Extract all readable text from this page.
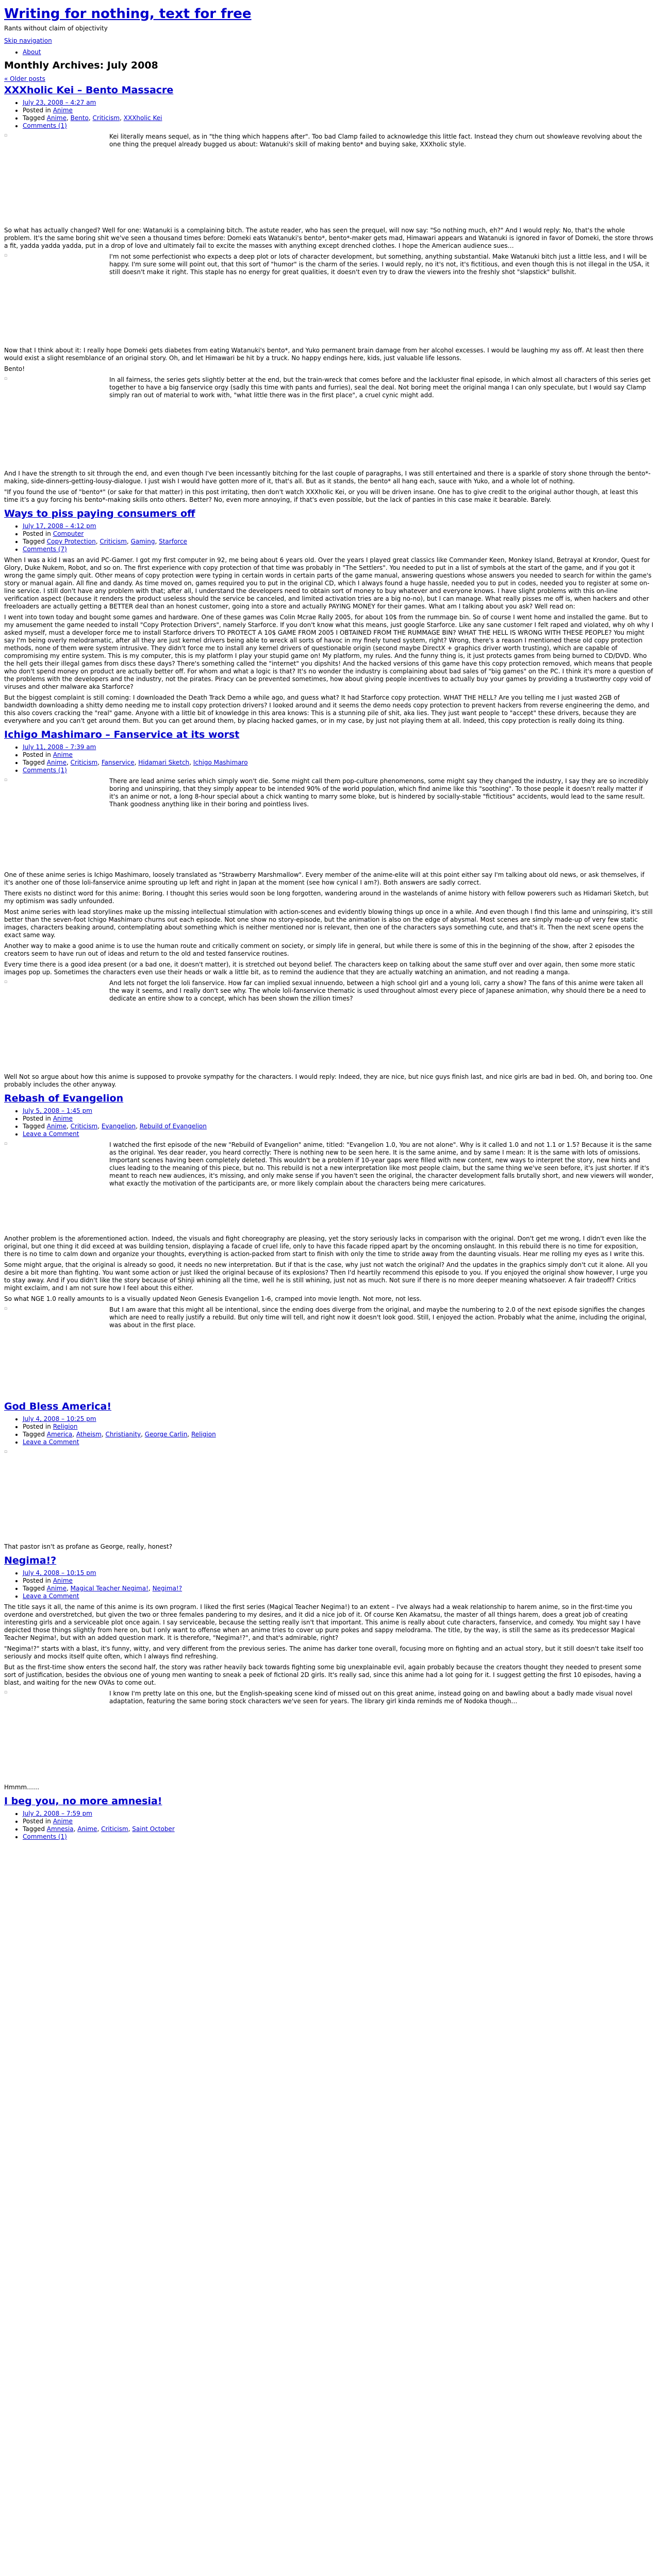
Writing for nothing, text for free
Rants without claim of objectivity
Skip navigation
• About
Monthly Archives: July 2008
« Older posts
XXXholic Kei – Bento Massacre
• July 23, 2008 – 4:27 am
• Posted in Anime
• Tagged Anime, Bento, Criticism, XXXholic Kei
• Comments (1)
▫	Kei literally means sequel, as in "the thing which happens after". Too bad Clamp failed to acknowledge this little fact. Instead they churn out showleave revolving about the one thing the prequel already bugged us about: Watanuki's skill of making bento* and buying sake, XXXholic style.

So what has actually changed? Well for one: Watanuki is a complaining bitch. The astute reader, who has seen the prequel, will now say: "So nothing much, eh?" And I would reply: No, that's the whole problem. It's the same boring shit we've seen a thousand times before: Domeki eats Watanuki's bento*, bento*-maker gets mad, Himawari appears and Watanuki is ignored in favor of Domeki, the store throws a fit, yadda yadda yadda, put in a drop of love and ultimately fail to excite the masses with anything except drenched clothes. I hope the American audience sues…

▫	I'm not some perfectionist who expects a deep plot or lots of character development, but something, anything substantial. Make Watanuki bitch just a little less, and I will be happy. I'm sure some will point out, that this sort of "humor" is the charm of the series. I would reply, no it's not, it's fictitious, and even though this is not illegal in the USA, it still doesn't make it right. This staple has no energy for great qualities, it doesn't even try to draw the viewers into the freshly shot "slapstick" bullshit.

Now that I think about it: I really hope Domeki gets diabetes from eating Watanuki's bento*, and Yuko permanent brain damage from her alcohol excesses. I would be laughing my ass off. At least then there would exist a slight resemblance of an original story. Oh, and let Himawari be hit by a truck. No happy endings here, kids, just valuable life lessons.

Bento!

▫	In all fairness, the series gets slightly better at the end, but the train-wreck that comes before and the lackluster final episode, in which almost all characters of this series get together to have a big fanservice orgy (sadly this time with pants and furries), seal the deal. Not boring meet the original manga I can only speculate, but I would say Clamp simply ran out of material to work with, "what little there was in the first place", a cruel cynic might add.

And I have the strength to sit through the end, and even though I've been incessantly bitching for the last couple of paragraphs, I was still entertained and there is a sparkle of story shone through the bento*-making, side-dinners-getting-lousy-dialogue. I just wish I would have gotten more of it, that's all. But as it stands, the bento* all hang each, sauce with Yuko, and a whole lot of nothing.

"If you found the use of "bento*" (or sake for that matter) in this post irritating, then don't watch XXXholic Kei, or you will be driven insane. One has to give credit to the original author though, at least this time it's a guy forcing his bento*-making skills onto others. Better? No, even more annoying, if that's even possible, but the lack of panties in this case make it bearable. Barely.

Ways to piss paying consumers off
• July 17, 2008 – 4:12 pm
• Posted in Computer
• Tagged Copy Protection, Criticism, Gaming, Starforce
• Comments (7)

When I was a kid I was an avid PC-Gamer. I got my first computer in 92, me being about 6 years old. Over the years I played great classics like Commander Keen, Monkey Island, Betrayal at Krondor, Quest for Glory, Duke Nukem, Robot, and so on. The first experience with copy protection of that time was probably in "The Settlers". You needed to put in a list of symbols at the start of the game, and if you got it wrong the game simply quit. Other means of copy protection were typing in certain words in certain parts of the game manual, answering questions whose answers you needed to search for within the game's story or manual again. All fine and dandy. As time moved on, games required you to put in the original CD, which I always found a huge hassle, needed you to put in codes, needed you to register at some on-line service. I still don't have any problem with that; after all, I understand the developers need to obtain sort of money to buy whatever and everyone knows. I have slight problems with this on-line verification aspect (because it renders the product useless should the service be canceled, and limited activation tries are a big no-no), but I can manage. What really pisses me off is, when hackers and other freeloaders are actually getting a BETTER deal than an honest customer, going into a store and actually PAYING MONEY for their games. What am I talking about you ask? Well read on:

I went into town today and bought some games and hardware. One of these games was Colin Mcrae Rally 2005, for about 10$ from the rummage bin. So of course I went home and installed the game. But to my amusement the game needed to install "Copy Protection Drivers", namely Starforce. If you don't know what this means, just google Starforce. Like any sane customer I felt raped and violated, why oh why I asked myself, must a developer force me to install Starforce drivers TO PROTECT A 10$ GAME FROM 2005 I OBTAINED FROM THE RUMMAGE BIN? WHAT THE HELL IS WRONG WITH THESE PEOPLE? You might say I'm being overly melodramatic, after all they are just kernel drivers being able to wreck all sorts of havoc in my finely tuned system, right? Wrong, there's a reason I mentioned these old copy protection methods, none of them were system intrusive. They didn't force me to install any kernel drivers of questionable origin (second maybe DirectX + graphics driver worth trusting), which are capable of compromising my entire system. This is my computer, this is my platform I play your stupid game on! My platform, my rules. And the funny thing is, it just protects games from being burned to CD/DVD. Who the hell gets their illegal games from discs these days? There's something called the "internet" you dipshits! And the hacked versions of this game have this copy protection removed, which means that people who don't spend money on product are actually better off. For whom and what a logic is that? It's no wonder the industry is complaining about bad sales of "big games" on the PC. I think it's more a question of the problems with the developers and the industry, not the pirates. Piracy can be prevented sometimes, how about giving people incentives to actually buy your games by providing a trustworthy copy void of viruses and other malware aka Starforce?

But the biggest complaint is still coming: I downloaded the Death Track Demo a while ago, and guess what? It had Starforce copy protection. WHAT THE HELL? Are you telling me I just wasted 2GB of bandwidth downloading a shitty demo needing me to install copy protection drivers? I looked around and it seems the demo needs copy protection to prevent hackers from reverse engineering the demo, and this also covers cracking the "real" game. Anyone with a little bit of knowledge in this area knows: This is a stunning pile of shit, aka lies. They just want people to "accept" these drivers, because they are everywhere and you can't get around them. But you can get around them, by placing hacked games, or in my case, by just not playing them at all. Indeed, this copy protection is really doing its thing.

Ichigo Mashimaro – Fanservice at its worst
• July 11, 2008 – 7:39 am
• Posted in Anime
• Tagged Anime, Criticism, Fanservice, Hidamari Sketch, Ichigo Mashimaro
• Comments (1)
▫	There are lead anime series which simply won't die. Some might call them pop-culture phenomenons, some might say they changed the industry, I say they are so incredibly boring and uninspiring, that they simply appear to be intended 90% of the world population, which find anime like this "soothing". To those people it doesn't really matter if it's an anime or not, a long 8-hour special about a chick wanting to marry some bloke, but is hindered by socially-stable "fictitious" accidents, would lead to the same result. Thank goodness anything like in their boring and pointless lives.

One of these anime series is Ichigo Mashimaro, loosely translated as "Strawberry Marshmallow". Every member of the anime-elite will at this point either say I'm talking about old news, or ask themselves, if it's another one of those loli-fanservice anime sprouting up left and right in Japan at the moment (see how cynical I am?). Both answers are sadly correct.

There exists no distinct word for this anime: Boring. I thought this series would soon be long forgotten, wandering around in the wastelands of anime history with fellow powerers such as Hidamari Sketch, but my optimism was sadly unfounded.

Most anime series with lead storylines make up the missing intellectual stimulation with action-scenes and evidently blowing things up once in a while. And even though I find this lame and uninspiring, it's still better than the seven-foot Ichigo Mashimaro churns out each episode. Not one show no story-episode, but the animation is also on the edge of abysmal. Most scenes are simply made-up of very few static images, characters beaking around, contemplating about something which is neither mentioned nor is relevant, then one of the characters says something cute, and that's it. Then the next scene opens the exact same way.

Another way to make a good anime is to use the human route and critically comment on society, or simply life in general, but while there is some of this in the beginning of the show, after 2 episodes the creators seem to have run out of ideas and return to the old and tested fanservice routines.

Every time there is a good idea present (or a bad one, it doesn't matter), it is stretched out beyond belief. The characters keep on talking about the same stuff over and over again, then some more static images pop up. Sometimes the characters even use their heads or walk a little bit, as to remind the audience that they are actually watching an animation, and not reading a manga.

▫	And lets not forget the loli fanservice. How far can implied sexual innuendo, between a high school girl and a young loli, carry a show? The fans of this anime were taken all the way it seems, and I really don't see why. The whole loli-fanservice thematic is used throughout almost every piece of Japanese animation, why should there be a need to dedicate an entire show to a concept, which has been shown the zillion times?

Well Not so argue about how this anime is supposed to provoke sympathy for the characters. I would reply: Indeed, they are nice, but nice guys finish last, and nice girls are bad in bed. Oh, and boring too. One probably includes the other anyway.

Rebash of Evangelion
• July 5, 2008 – 1:45 pm
• Posted in Anime
• Tagged Anime, Criticism, Evangelion, Rebuild of Evangelion
• Leave a Comment
▫	I watched the first episode of the new "Rebuild of Evangelion" anime, titled: "Evangelion 1.0, You are not alone". Why is it called 1.0 and not 1.1 or 1.5? Because it is the same as the original. Yes dear reader, you heard correctly: There is nothing new to be seen here. It is the same anime, and by same I mean: It is the same with lots of omissions. Important scenes having been completely deleted. This wouldn't be a problem if 10-year gaps were filled with new content, new ways to interpret the story, new hints and clues leading to the meaning of this piece, but no. This rebuild is not a new interpretation like most people claim, but the same thing we've seen before, it's just shorter. If it's meant to reach new audiences, it's missing, and only make sense if you haven't seen the original, the character development falls brutally short, and new viewers will wonder, what exactly the motivation of the participants are, or more likely complain about the characters being mere caricatures.

Another problem is the aforementioned action. Indeed, the visuals and fight choreography are pleasing, yet the story seriously lacks in comparison with the original. Don't get me wrong, I didn't even like the original, but one thing it did exceed at was building tension, displaying a facade of cruel life, only to have this facade ripped apart by the oncoming onslaught. In this rebuild there is no time for exposition, there is no time to calm down and organize your thoughts, everything is action-packed from start to finish with only the time to stride away from the daunting visuals. Hear me rolling my eyes as I write this.

Some might argue, that the original is already so good, it needs no new interpretation. But if that is the case, why just not watch the original? And the updates in the graphics simply don't cut it alone. All you desire a bit more than fighting. You want some action or just liked the original because of its explosions? Then I'd heartily recommend this episode to you. If you enjoyed the original show however, I urge you to stay away. And if you didn't like the story because of Shinji whining all the time, well he is still whining, just not as much. Not sure if there is no more deeper meaning whatsoever. A fair tradeoff? Critics might exclaim, and I am not sure how I feel about this either.

So what NGE 1.0 really amounts to is a visually updated Neon Genesis Evangelion 1-6, cramped into movie length. Not more, not less.

▫	But I am aware that this might all be intentional, since the ending does diverge from the original, and maybe the numbering to 2.0 of the next episode signifies the changes which are need to really justify a rebuild. But only time will tell, and right now it doesn't look good. Still, I enjoyed the action. Probably what the anime, including the original, was about in the first place.

God Bless America!
• July 4, 2008 – 10:25 pm
• Posted in Religion
• Tagged America, Atheism, Christianity, George Carlin, Religion
• Leave a Comment
▫

That pastor isn't as profane as George, really, honest?

Negima!?
• July 4, 2008 – 10:15 pm
• Posted in Anime
• Tagged Anime, Magical Teacher Negima!, Negima!?
• Leave a Comment

The title says it all, the name of this anime is its own program. I liked the first series (Magical Teacher Negima!) to an extent – I've always had a weak relationship to harem anime, so in the first-time you overdone and overstretched, but given the two or three females pandering to my desires, and it did a nice job of it. Of course Ken Akamatsu, the master of all things harem, does a great job of creating interesting girls and a serviceable plot once again. I say serviceable, because the setting really isn't that important. This anime is really about cute characters, fanservice, and comedy. You might say I have depicted those things slightly from here on, but I only want to offense when an anime tries to cover up pure pokes and sappy melodrama. The title, by the way, is still the same as its predecessor Magical Teacher Negima!, but with an added question mark. It is therefore, "Negima!?", and that's admirable, right?

"Negima!?" starts with a blast, it's funny, witty, and very different from the previous series. The anime has darker tone overall, focusing more on fighting and an actual story, but it still doesn't take itself too seriously and mocks itself quite often, which I always find refreshing.

But as the first-time show enters the second half, the story was rather heavily back towards fighting some big unexplainable evil, again probably because the creators thought they needed to present some sort of justification, besides the obvious one of young men wanting to sneak a peek of fictional 2D girls. It's really sad, since this anime had a lot going for it. I suggest getting the first 10 episodes, having a blast, and waiting for the new OVAs to come out.

▫	I know I'm pretty late on this one, but the English-speaking scene kind of missed out on this great anime, instead going on and bawling about a badly made visual novel adaptation, featuring the same boring stock characters we've seen for years. The library girl kinda reminds me of Nodoka though…

Hmmm……

I beg you, no more amnesia!
• July 2, 2008 – 7:59 pm
• Posted in Anime
• Tagged Amnesia, Anime, Criticism, Saint October
• Comments (1)
